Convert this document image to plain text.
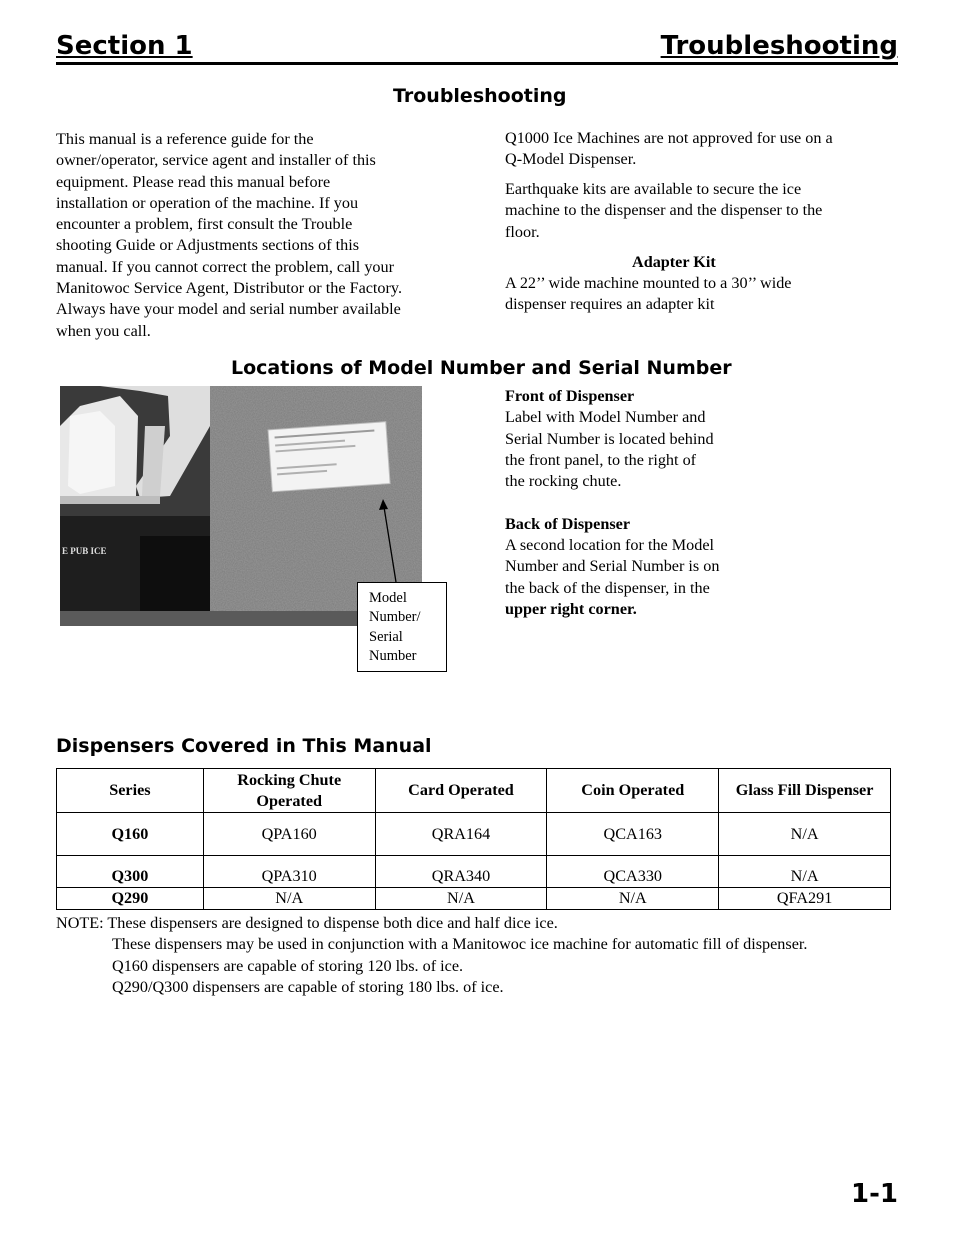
Section 1	Troubleshooting
Troubleshooting

This manual is a reference guide for the

owner/operator, service agent and installer of this

equipment. Please read this manual before

installation or operation of the machine. If you

encounter a problem, first consult the Trouble

shooting Guide or Adjustments sections of this

manual. If you cannot correct the problem, call your

Manitowoc Service Agent, Distributor or the Factory.

Always have your model and serial number available

when you call.

Q1000 Ice Machines are not approved for use on a

Q-Model Dispenser.

Earthquake kits are available to secure the ice

machine to the dispenser and the dispenser to the

floor.

Adapter Kit

A 22’’ wide machine mounted to a 30’’ wide

dispenser requires an adapter kit

Locations of Model Number and Serial Number
E PUB ICE
Model
Number/
Serial
Number

Front of Dispenser

Label with Model Number and

Serial Number is located behind

the front panel, to the right of

the rocking chute.

Back of Dispenser

A second location for the Model

Number and Serial Number is on

the back of the dispenser, in the

upper right corner.

Dispensers Covered in This Manual
Series	Rocking Chute Operated	Card Operated	Coin Operated	Glass Fill Dispenser
Q160	QPA160	QRA164	QCA163	N/A
Q300	QPA310	QRA340	QCA330	N/A
Q290	N/A	N/A	N/A	QFA291
NOTE: These dispensers are designed to dispense both dice and half dice ice.
These dispensers may be used in conjunction with a Manitowoc ice machine for automatic fill of dispenser.
Q160 dispensers are capable of storing 120 lbs. of ice.
Q290/Q300 dispensers are capable of storing 180 lbs. of ice.
1-1
